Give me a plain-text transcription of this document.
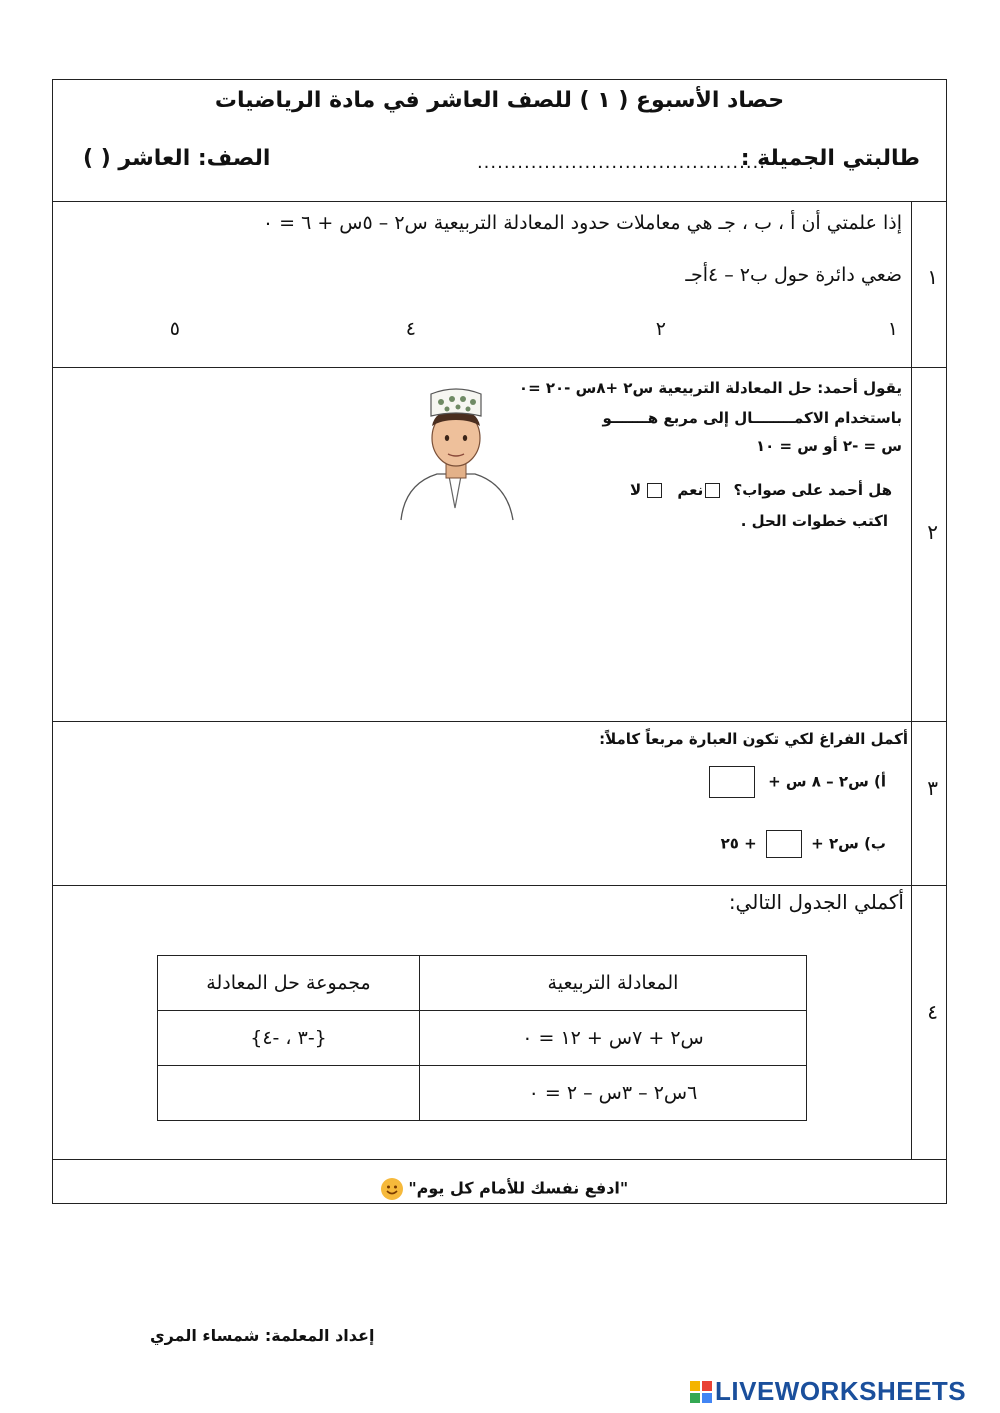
حصاد الأسبوع ( ١ ) للصف العاشر في مادة الرياضيات
طالبتي الجميلة :
...........................................
الصف: العاشر ( )
١
إذا علمتي أن أ ، ب ، جـ هي معاملات حدود المعادلة التربيعية س٢ – ٥س + ٦ = ٠
ضعي دائرة حول ب٢ – ٤أجـ
١
٢
٤
٥
٢
يقول أحمد: حل المعادلة التربيعية س٢ +٨س -٢٠ =٠
باستخدام الاكمــــــــال إلى مربع هـــــــو
س = -٢ أو س = ١٠
هل أحمد على صواب؟ نعم لا
اكتب خطوات الحل .
٣
أكمل الفراغ لكي تكون العبارة مربعاً كاملاً:
أ) س٢ – ٨ س +
ب) س٢ +  + ٢٥
٤
أكملي الجدول التالي:
المعادلة التربيعية	مجموعة حل المعادلة
س٢ + ٧س + ١٢ = ٠	{-٣ ، -٤}
٦س٢ – ٣س – ٢ = ٠	
"ادفع نفسك للأمام كل يوم"
إعداد المعلمة: شمساء المري
LIVEWORKSHEETS
